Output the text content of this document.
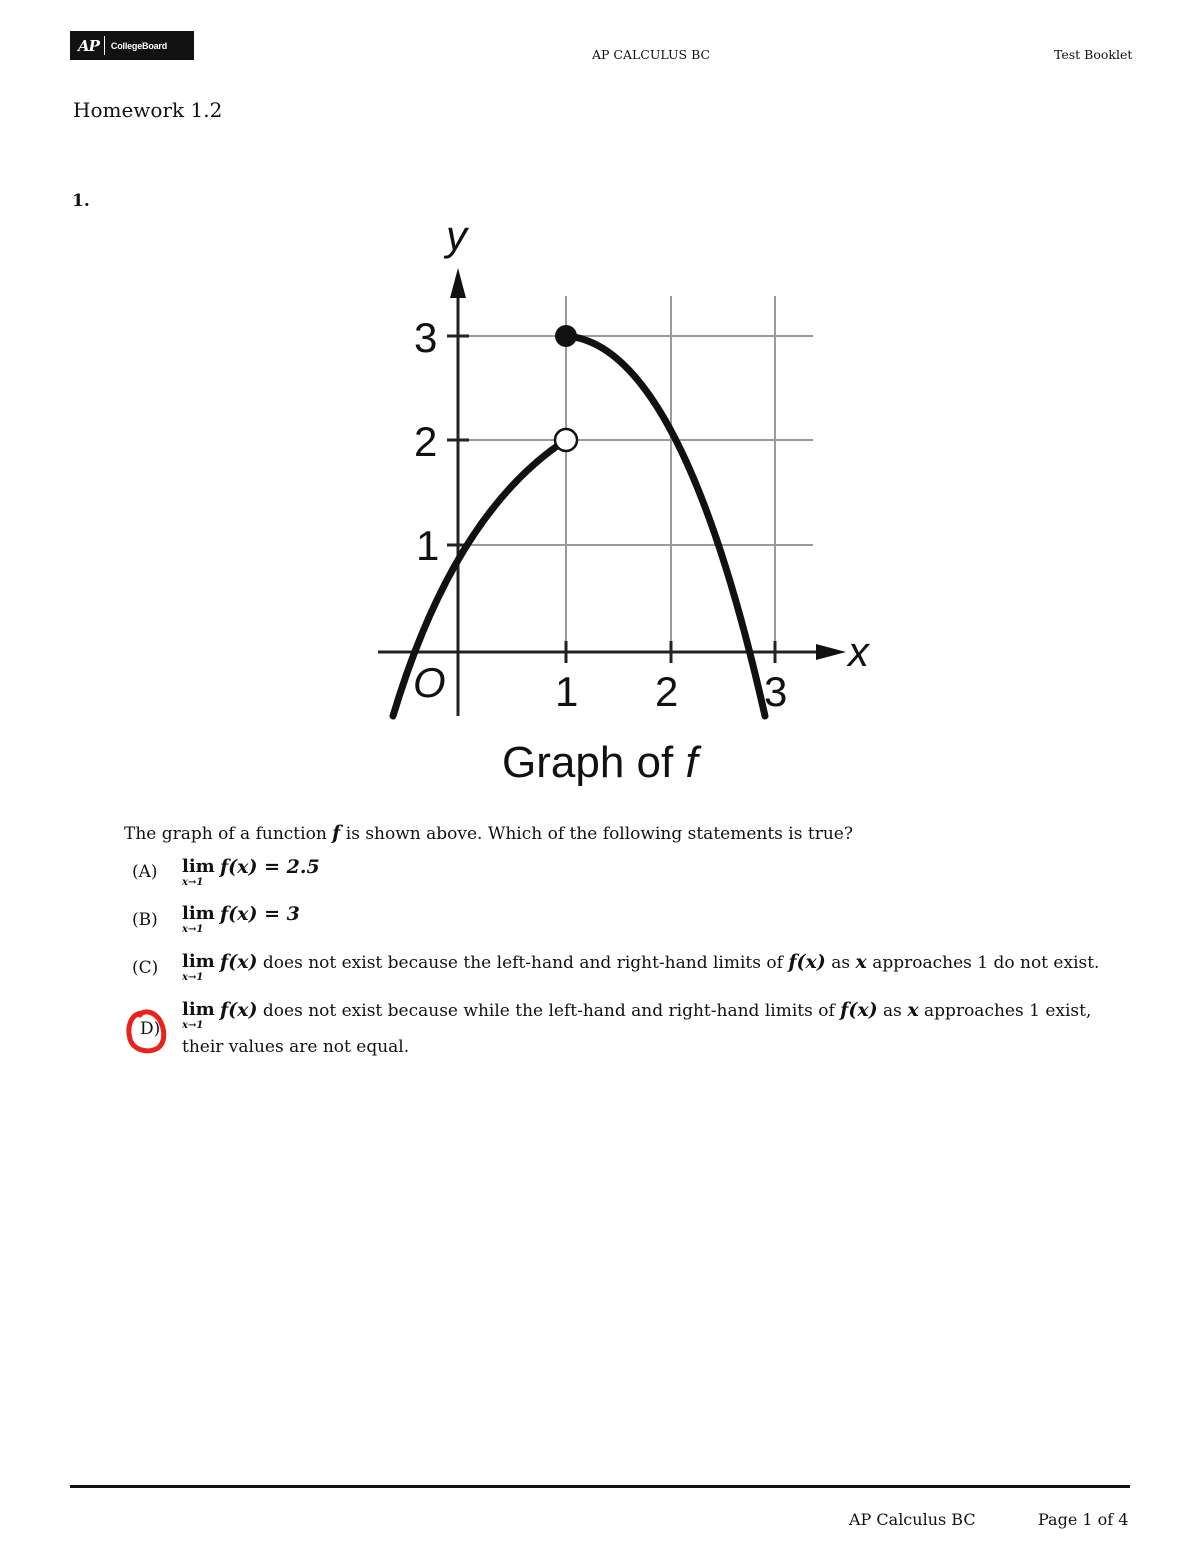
AP CollegeBoard
AP CALCULUS BC	Test Booklet
Homework 1.2
1.
y
x
O	1 2 3
3
2
1
Graph of f
The graph of a function f is shown above. Which of the following statements is true?
(A) lim
x→1
f(x) = 2.5
(B) lim
x→1
f(x) = 3
(C) lim
x→1
f(x) does not exist because the left-hand and right-hand limits of f(x) as x approaches 1 do not exist.
D)
lim
x→1
f(x) does not exist because while the left-hand and right-hand limits of f(x) as x approaches 1 exist,
their values are not equal.
AP Calculus BC	Page 1 of 4
